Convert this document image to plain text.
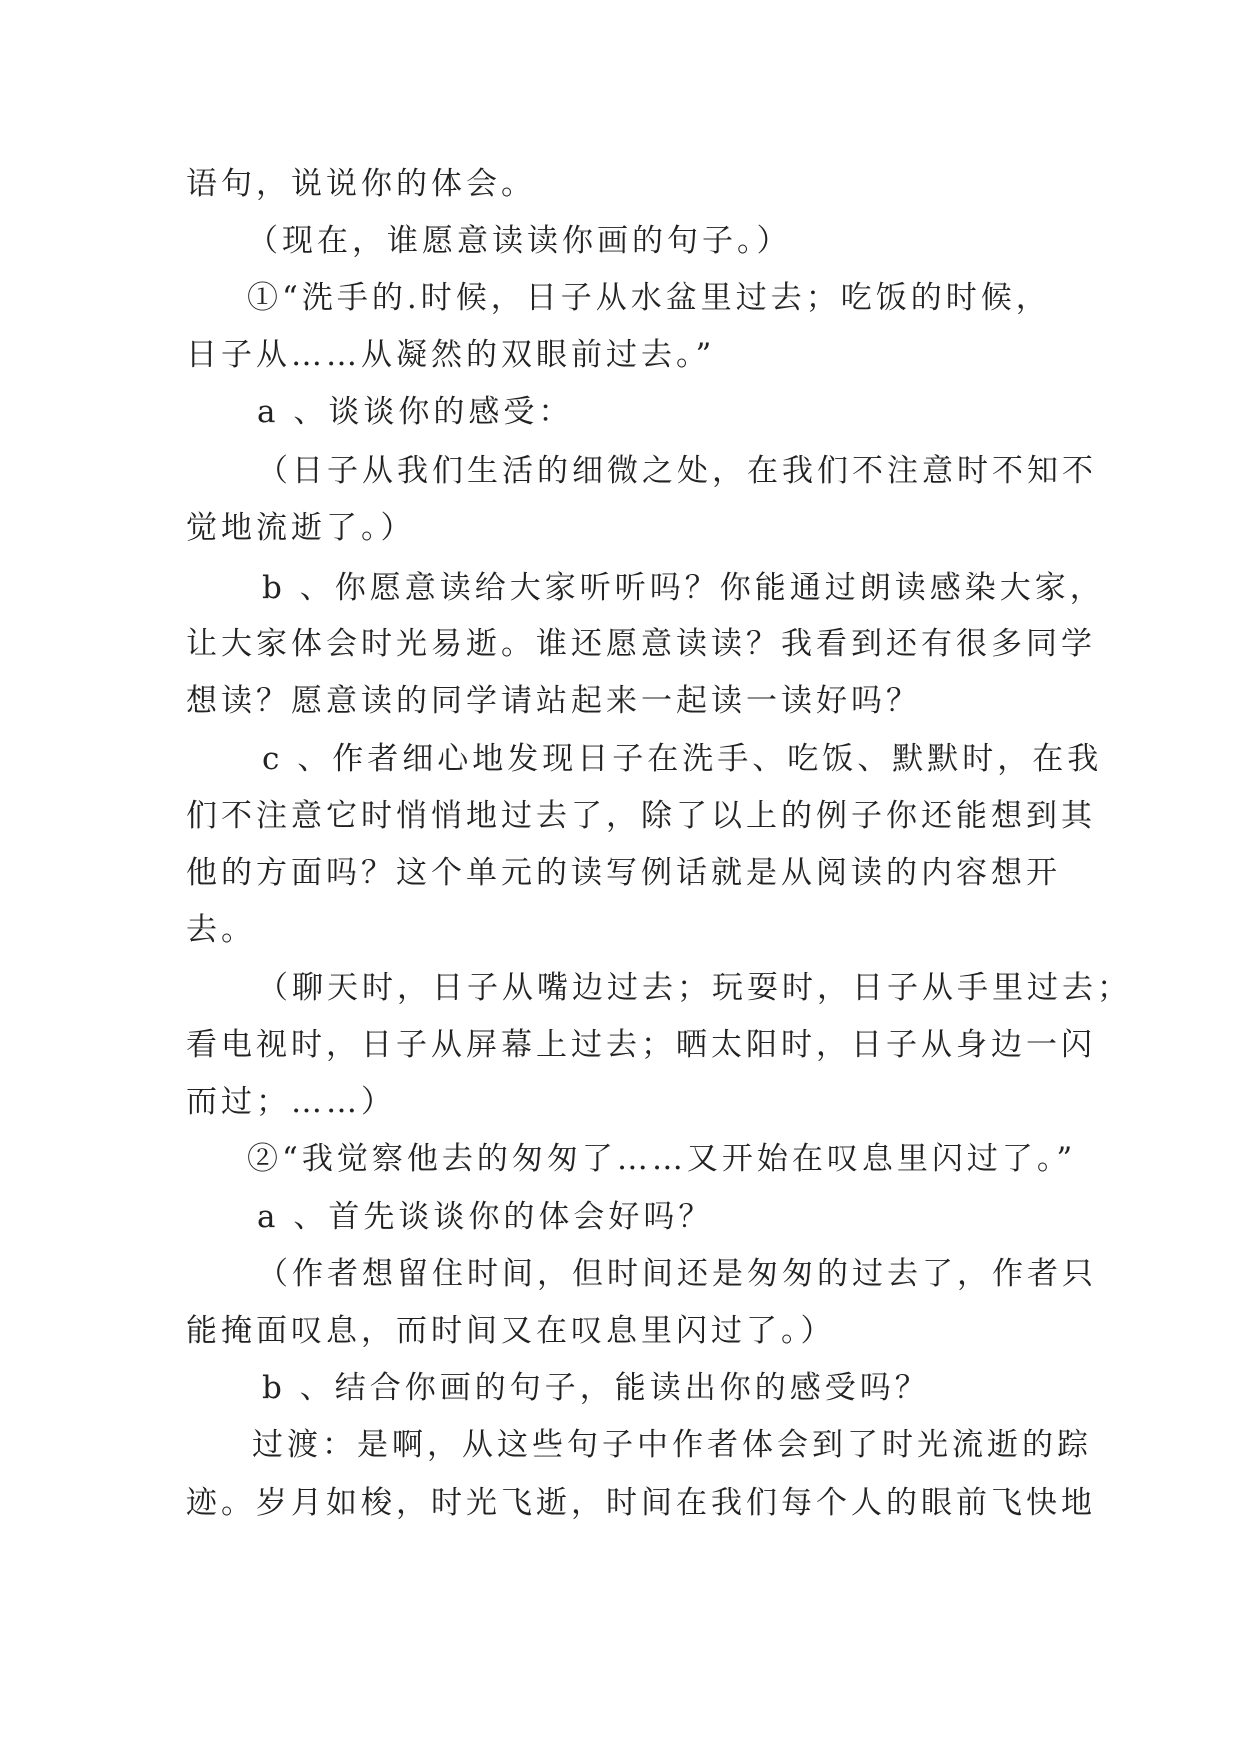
语句，说说你的体会。
（现在，谁愿意读读你画的句子。）
①“洗手的.时候，日子从水盆里过去；吃饭的时候，
日子从……从凝然的双眼前过去。”
a 、谈谈你的感受：
（日子从我们生活的细微之处，在我们不注意时不知不
觉地流逝了。）
b 、你愿意读给大家听听吗？你能通过朗读感染大家，
让大家体会时光易逝。谁还愿意读读？我看到还有很多同学
想读？愿意读的同学请站起来一起读一读好吗？
c 、作者细心地发现日子在洗手、吃饭、默默时，在我
们不注意它时悄悄地过去了，除了以上的例子你还能想到其
他的方面吗？这个单元的读写例话就是从阅读的内容想开
去。
（聊天时，日子从嘴边过去；玩耍时，日子从手里过去；
看电视时，日子从屏幕上过去；晒太阳时，日子从身边一闪
而过；……）
②“我觉察他去的匆匆了……又开始在叹息里闪过了。”
a 、首先谈谈你的体会好吗？
（作者想留住时间，但时间还是匆匆的过去了，作者只
能掩面叹息，而时间又在叹息里闪过了。）
b 、结合你画的句子，能读出你的感受吗？
过渡：是啊，从这些句子中作者体会到了时光流逝的踪
迹。岁月如梭，时光飞逝，时间在我们每个人的眼前飞快地
